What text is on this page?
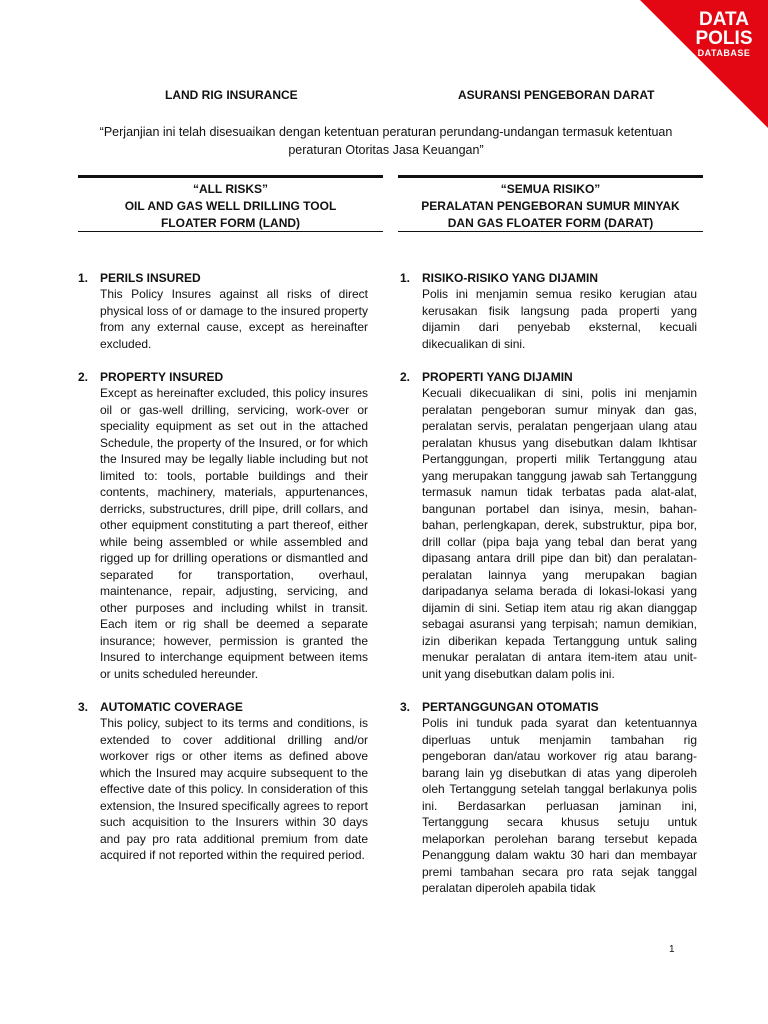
DATA
POLIS
DATABASE
LAND RIG INSURANCE	ASURANSI PENGEBORAN DARAT
“Perjanjian ini telah disesuaikan dengan ketentuan peraturan perundang-undangan termasuk ketentuan peraturan Otoritas Jasa Keuangan”
“ALL RISKS”
OIL AND GAS WELL DRILLING TOOL
FLOATER FORM (LAND)
“SEMUA RISIKO”
PERALATAN PENGEBORAN SUMUR MINYAK
DAN GAS FLOATER FORM (DARAT)
1. PERILS INSURED
This Policy Insures against all risks of direct physical loss of or damage to the insured property from any external cause, except as hereinafter excluded.
2. PROPERTY INSURED
Except as hereinafter excluded, this policy insures oil or gas-well drilling, servicing, work-over or speciality equipment as set out in the attached Schedule, the property of the Insured, or for which the Insured may be legally liable including but not limited to: tools, portable buildings and their contents, machinery, materials, appurtenances, derricks, substructures, drill pipe, drill collars, and other equipment constituting a part thereof, either while being assembled or while assembled and rigged up for drilling operations or dismantled and separated for transportation, overhaul, maintenance, repair, adjusting, servicing, and other purposes and including whilst in transit. Each item or rig shall be deemed a separate insurance; however, permission is granted the Insured to interchange equipment between items or units scheduled hereunder.
3. AUTOMATIC COVERAGE
This policy, subject to its terms and conditions, is extended to cover additional drilling and/or workover rigs or other items as defined above which the Insured may acquire subsequent to the effective date of this policy. In consideration of this extension, the Insured specifically agrees to report such acquisition to the Insurers within 30 days and pay pro rata additional premium from date acquired if not reported within the required period.
1. RISIKO-RISIKO YANG DIJAMIN
Polis ini menjamin semua resiko kerugian atau kerusakan fisik langsung pada properti yang dijamin dari penyebab eksternal, kecuali dikecualikan di sini.
2. PROPERTI YANG DIJAMIN
Kecuali dikecualikan di sini, polis ini menjamin peralatan pengeboran sumur minyak dan gas, peralatan servis, peralatan pengerjaan ulang atau peralatan khusus yang disebutkan dalam Ikhtisar Pertanggungan, properti milik Tertanggung atau yang merupakan tanggung jawab sah Tertanggung termasuk namun tidak terbatas pada alat-alat, bangunan portabel dan isinya, mesin, bahan-bahan, perlengkapan, derek, substruktur, pipa bor, drill collar (pipa baja yang tebal dan berat yang dipasang antara drill pipe dan bit) dan peralatan-peralatan lainnya yang merupakan bagian daripadanya selama berada di lokasi-lokasi yang dijamin di sini. Setiap item atau rig akan dianggap sebagai asuransi yang terpisah; namun demikian, izin diberikan kepada Tertanggung untuk saling menukar peralatan di antara item-item atau unit-unit yang disebutkan dalam polis ini.
3. PERTANGGUNGAN OTOMATIS
Polis ini tunduk pada syarat dan ketentuannya diperluas untuk menjamin tambahan rig pengeboran dan/atau workover rig atau barang-barang lain yg disebutkan di atas yang diperoleh oleh Tertanggung setelah tanggal berlakunya polis ini. Berdasarkan perluasan jaminan ini, Tertanggung secara khusus setuju untuk melaporkan perolehan barang tersebut kepada Penanggung dalam waktu 30 hari dan membayar premi tambahan secara pro rata sejak tanggal peralatan diperoleh apabila tidak
1
